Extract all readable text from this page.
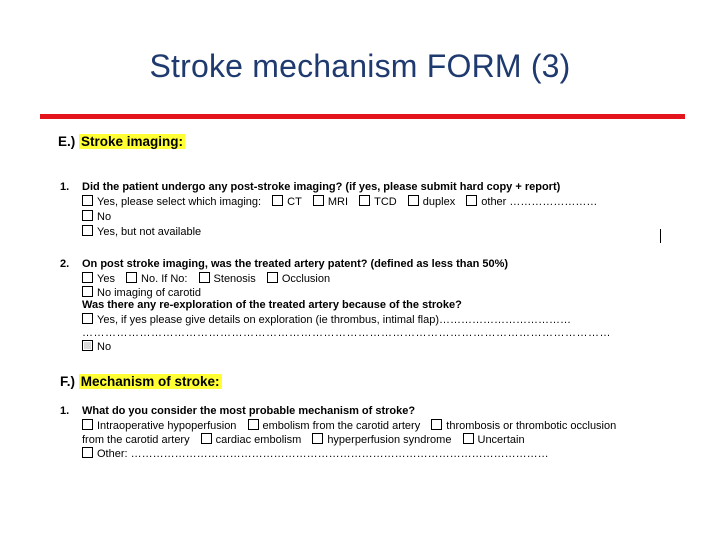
Stroke mechanism FORM (3)
E.) Stroke imaging:
1. Did the patient undergo any post-stroke imaging? (if yes, please submit hard copy + report)
Yes, please select which imaging: CT MRI TCD duplex other ……………………
No
Yes, but not available
2. On post stroke imaging, was the treated artery patent? (defined as less than 50%)
Yes No. If No: Stenosis Occlusion
No imaging of carotid
Was there any re-exploration of the treated artery because of the stroke?
Yes, if yes please give details on exploration (ie thrombus, intimal flap)………………………………
…………………………………………………………………………………………………………………………
No
F.) Mechanism of stroke:
1. What do you consider the most probable mechanism of stroke?
Intraoperative hypoperfusion embolism from the carotid artery thrombosis or thrombotic occlusion
from the carotid artery cardiac embolism hyperperfusion syndrome Uncertain
Other: ……………………………………………………………………………………………………
